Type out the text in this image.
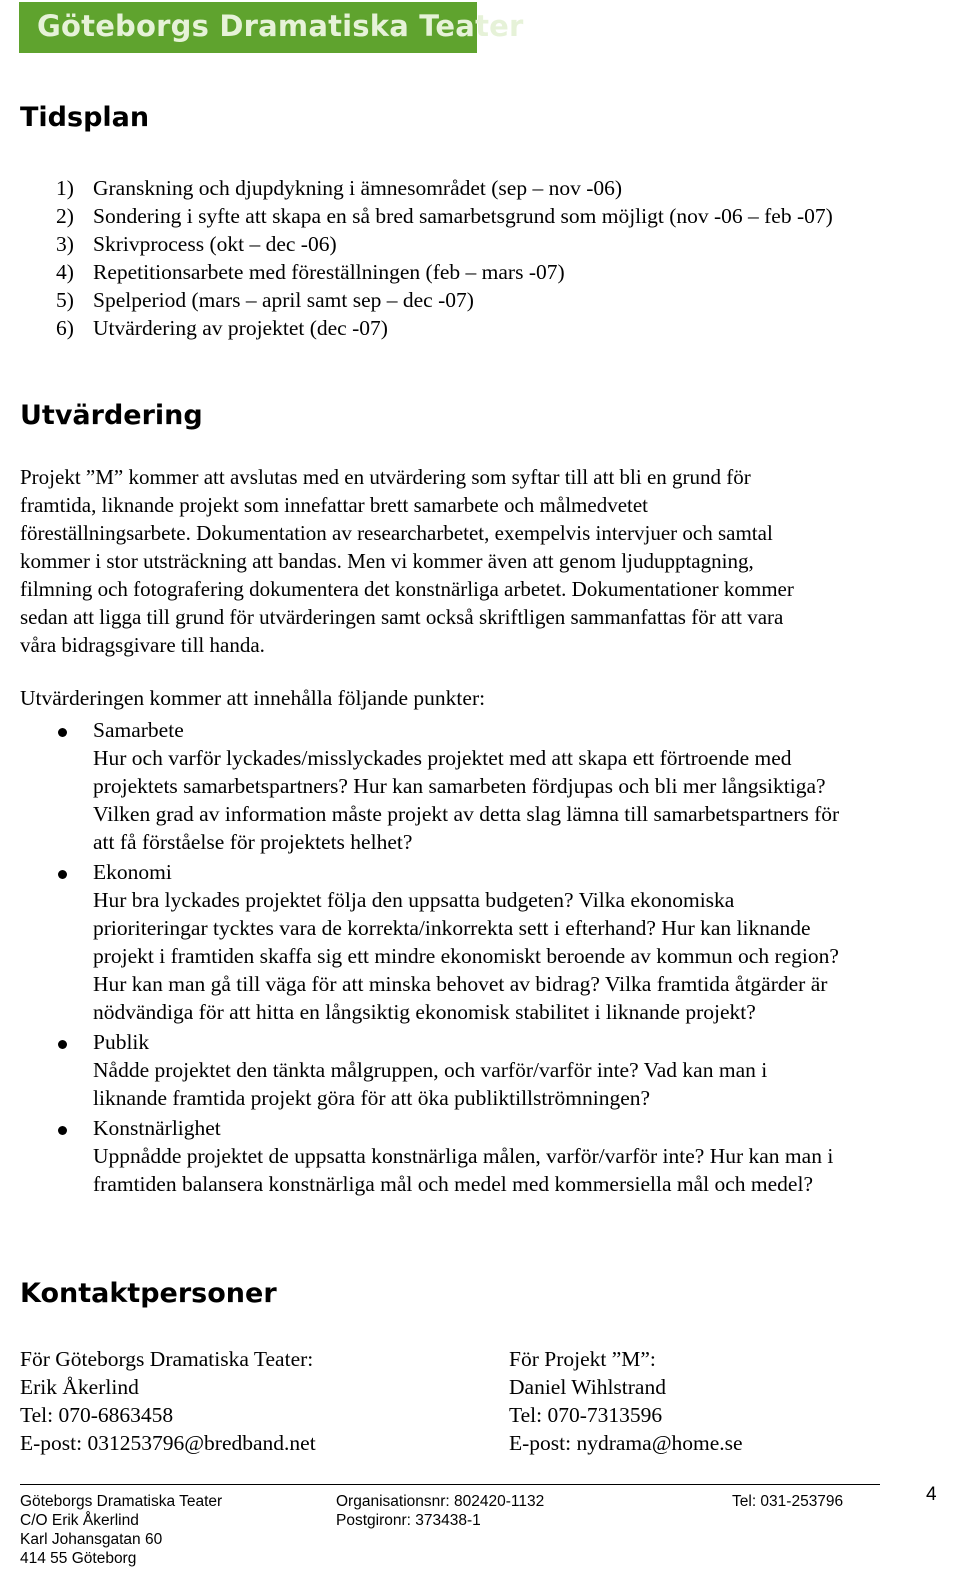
Göteborgs Dramatiska Teater
Tidsplan
1) Granskning och djupdykning i ämnesområdet (sep – nov -06)
2) Sondering i syfte att skapa en så bred samarbetsgrund som möjligt (nov -06 – feb -07)
3) Skrivprocess (okt – dec -06)
4) Repetitionsarbete med föreställningen (feb – mars -07)
5) Spelperiod (mars – april samt sep – dec -07)
6) Utvärdering av projektet (dec -07)
Utvärdering

Projekt ”M” kommer att avslutas med en utvärdering som syftar till att bli en grund för
framtida, liknande projekt som innefattar brett samarbete och målmedvetet
föreställningsarbete. Dokumentation av researcharbetet, exempelvis intervjuer och samtal
kommer i stor utsträckning att bandas. Men vi kommer även att genom ljudupptagning,
filmning och fotografering dokumentera det konstnärliga arbetet. Dokumentationer kommer
sedan att ligga till grund för utvärderingen samt också skriftligen sammanfattas för att vara
våra bidragsgivare till handa.

Utvärderingen kommer att innehålla följande punkter:
Samarbete
Hur och varför lyckades/misslyckades projektet med att skapa ett förtroende med
projektets samarbetspartners? Hur kan samarbeten fördjupas och bli mer långsiktiga?
Vilken grad av information måste projekt av detta slag lämna till samarbetspartners för
att få förståelse för projektets helhet?
Ekonomi
Hur bra lyckades projektet följa den uppsatta budgeten? Vilka ekonomiska
prioriteringar tycktes vara de korrekta/inkorrekta sett i efterhand? Hur kan liknande
projekt i framtiden skaffa sig ett mindre ekonomiskt beroende av kommun och region?
Hur kan man gå till väga för att minska behovet av bidrag? Vilka framtida åtgärder är
nödvändiga för att hitta en långsiktig ekonomisk stabilitet i liknande projekt?
Publik
Nådde projektet den tänkta målgruppen, och varför/varför inte? Vad kan man i
liknande framtida projekt göra för att öka publiktillströmningen?
Konstnärlighet
Uppnådde projektet de uppsatta konstnärliga målen, varför/varför inte? Hur kan man i
framtiden balansera konstnärliga mål och medel med kommersiella mål och medel?
Kontaktpersoner
För Göteborgs Dramatiska Teater:
Erik Åkerlind
Tel: 070-6863458
E-post: 031253796@bredband.net
För Projekt ”M”:
Daniel Wihlstrand
Tel: 070-7313596
E-post: nydrama@home.se
4
Göteborgs Dramatiska Teater
C/O Erik Åkerlind
Karl Johansgatan 60
414 55 Göteborg
Organisationsnr: 802420-1132
Postgironr: 373438-1
Tel: 031-253796
